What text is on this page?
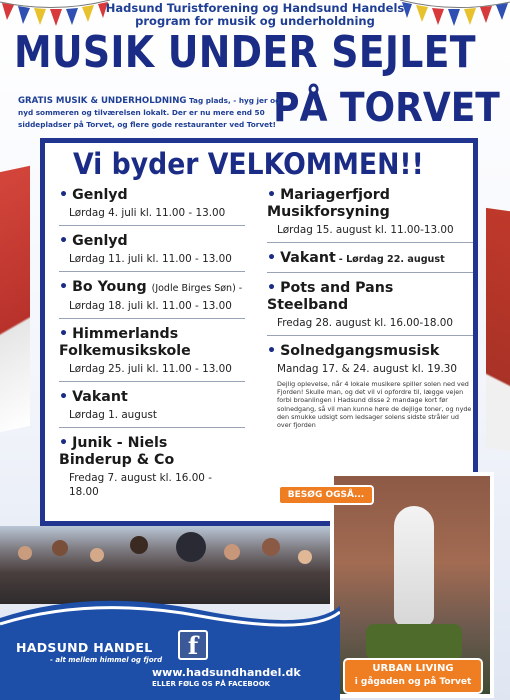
Hadsund Turistforening og Handsund Handels
program for musik og underholdning
MUSIK UNDER SEJLET
PÅ TORVET
GRATIS MUSIK & UNDERHOLDNING Tag plads, - hyg jer og nyd sommeren og tilværelsen lokalt. Der er nu mere end 50 siddepladser på Torvet, og flere gode restauranter ved Torvet!
Vi byder VELKOMMEN!!
• Genlyd
Lørdag 4. juli kl. 11.00 - 13.00
• Genlyd
Lørdag 11. juli kl. 11.00 - 13.00
• Bo Young (Jodle Birges Søn) -
Lørdag 18. juli kl. 11.00 - 13.00
• Himmerlands Folkemusikskole
Lørdag 25. juli kl. 11.00 - 13.00
• Vakant
Lørdag 1. august
• Junik - Niels Binderup & Co
Fredag 7. august kl. 16.00 - 18.00
• Mariagerfjord Musikforsyning
Lørdag 15. august kl. 11.00-13.00
• Vakant - Lørdag 22. august
• Pots and Pans Steelband
Fredag 28. august kl. 16.00-18.00
• Solnedgangsmusisk
Mandag 17. & 24. august kl. 19.30
Dejlig oplevelse, når 4 lokale musikere spiller solen ned ved Fjorden! Skulle man, og det vil vi opfordre til, lægge vejen forbi broanlingen i Hadsund disse 2 mandage kort før solnedgang, så vil man kunne høre de dejlige toner, og nyde den smukke udsigt som ledsager solens sidste stråler ud over fjorden
BESØG OGSÅ...
HADSUND HANDEL
- alt mellem himmel og fjord	f
www.hadsundhandel.dk
ELLER FØLG OS PÅ FACEBOOK
URBAN LIVING
i gågaden og på Torvet
